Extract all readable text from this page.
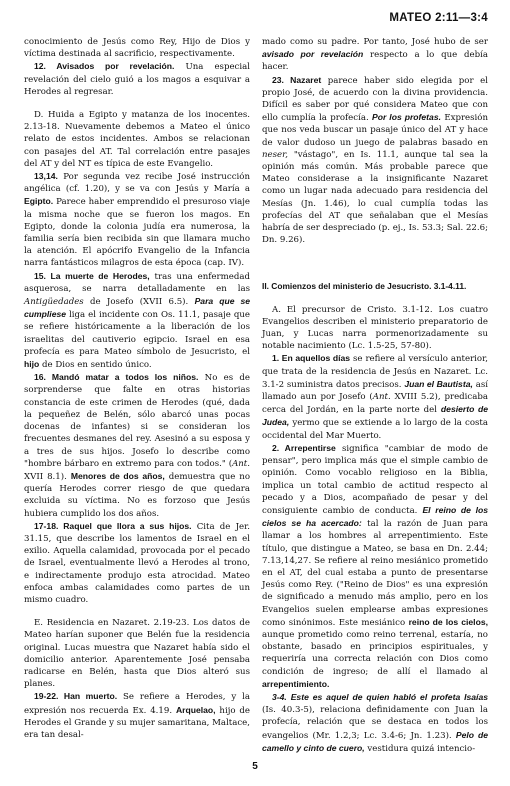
MATEO 2:11—3:4

conocimiento de Jesús como Rey, Hijo de Dios y víctima destinada al sacrificio, respectivamente.

12. Avisados por revelación. Una especial revelación del cielo guió a los magos a esquivar a Herodes al regresar.

D. Huida a Egipto y matanza de los inocentes. 2.13-18. Nuevamente debemos a Mateo el único relato de estos incidentes. Ambos se relacionan con pasajes del AT. Tal correlación entre pasajes del AT y del NT es típica de este Evangelio.

13,14. Por segunda vez recibe José instrucción angélica (cf. 1.20), y se va con Jesús y María a Egipto. Parece haber emprendido el presuroso viaje la misma noche que se fueron los magos. En Egipto, donde la colonia judía era numerosa, la familia sería bien recibida sin que llamara mucho la atención. El apócrifo Evangelio de la Infancia narra fantásticos milagros de esta época (cap. IV).

15. La muerte de Herodes, tras una enfermedad asquerosa, se narra detalladamente en las Antigüedades de Josefo (XVII 6.5). Para que se cumpliese liga el incidente con Os. 11.1, pasaje que se refiere históricamente a la liberación de los israelitas del cautiverio egipcio. Israel en esa profecía es para Mateo símbolo de Jesucristo, el hijo de Dios en sentido único.

16. Mandó matar a todos los niños. No es de sorprenderse que falte en otras historias constancia de este crimen de Herodes (qué, dada la pequeñez de Belén, sólo abarcó unas pocas docenas de infantes) si se consideran los frecuentes desmanes del rey. Asesinó a su esposa y a tres de sus hijos. Josefo lo describe como "hombre bárbaro en extremo para con todos." (Ant. XVII 8.1). Menores de dos años, demuestra que no quería Herodes correr riesgo de que quedara excluida su víctima. No es forzoso que Jesús hubiera cumplido los dos años.

17-18. Raquel que llora a sus hijos. Cita de Jer. 31.15, que describe los lamentos de Israel en el exilio. Aquella calamidad, provocada por el pecado de Israel, eventualmente llevó a Herodes al trono, e indirectamente produjo esta atrocidad. Mateo enfoca ambas calamidades como partes de un mismo cuadro.

E. Residencia en Nazaret. 2.19-23. Los datos de Mateo harían suponer que Belén fue la residencia original. Lucas muestra que Nazaret había sido el domicilio anterior. Aparentemente José pensaba radicarse en Belén, hasta que Dios alteró sus planes.

19-22. Han muerto. Se refiere a Herodes, y la expresión nos recuerda Ex. 4.19. Arquelao, hijo de Herodes el Grande y su mujer samaritana, Maltace, era tan desal-

mado como su padre. Por tanto, José hubo de ser avisado por revelación respecto a lo que debía hacer.

23. Nazaret parece haber sido elegida por el propio José, de acuerdo con la divina providencia. Difícil es saber por qué considera Mateo que con ello cumplía la profecía. Por los profetas. Expresión que nos veda buscar un pasaje único del AT y hace de valor dudoso un juego de palabras basado en neser, "vástago", en Is. 11.1, aunque tal sea la opinión más común. Más probable parece que Mateo considerase a la insignificante Nazaret como un lugar nada adecuado para residencia del Mesías (Jn. 1.46), lo cual cumplía todas las profecías del AT que señalaban que el Mesías habría de ser despreciado (p. ej., Is. 53.3; Sal. 22.6; Dn. 9.26).

II. Comienzos del ministerio de Jesucristo. 3.1-4.11.

A. El precursor de Cristo. 3.1-12. Los cuatro Evangelios describen el ministerio preparatorio de Juan, y Lucas narra pormenorizadamente su notable nacimiento (Lc. 1.5-25, 57-80).

1. En aquellos días se refiere al versículo anterior, que trata de la residencia de Jesús en Nazaret. Lc. 3.1-2 suministra datos precisos. Juan el Bautista, así llamado aun por Josefo (Ant. XVIII 5.2), predicaba cerca del Jordán, en la parte norte del desierto de Judea, yermo que se extiende a lo largo de la costa occidental del Mar Muerto.

2. Arrepentirse significa "cambiar de modo de pensar", pero implica más que el simple cambio de opinión. Como vocablo religioso en la Biblia, implica un total cambio de actitud respecto al pecado y a Dios, acompañado de pesar y del consiguiente cambio de conducta. El reino de los cielos se ha acercado: tal la razón de Juan para llamar a los hombres al arrepentimiento. Este título, que distingue a Mateo, se basa en Dn. 2.44; 7.13,14,27. Se refiere al reino mesiánico prometido en el AT, del cual estaba a punto de presentarse Jesús como Rey. ("Reino de Dios" es una expresión de significado a menudo más amplio, pero en los Evangelios suelen emplearse ambas expresiones como sinónimos. Este mesiánico reino de los cielos, aunque prometido como reino terrenal, estaría, no obstante, basado en principios espirituales, y requeriría una correcta relación con Dios como condición de ingreso; de allí el llamado al arrepentimiento.

3-4. Este es aquel de quien habló el profeta Isaías (Is. 40.3-5), relaciona definidamente con Juan la profecía, relación que se destaca en todos los evangelios (Mr. 1.2,3; Lc. 3.4-6; Jn. 1.23). Pelo de camello y cinto de cuero, vestidura quizá intencio-

5
